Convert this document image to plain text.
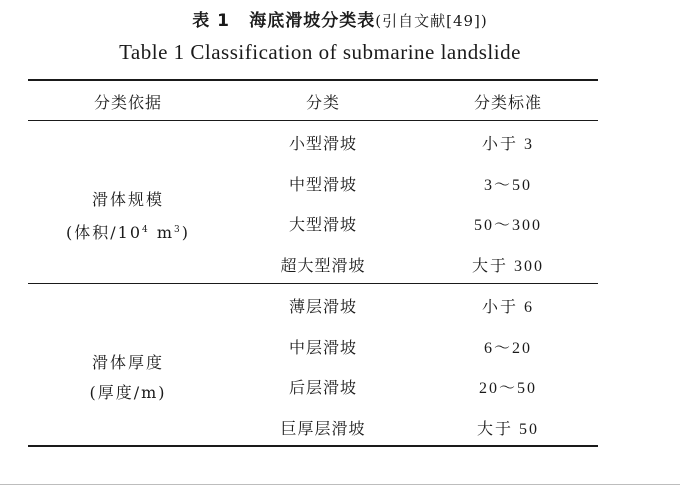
表 1 海底滑坡分类表(引自文献[49])
Table 1 Classification of submarine landslide
分类依据	分类	分类标准
滑体规模
(体积$/10^4$ $m^3$)
小型滑坡	小于 3
中型滑坡	3～50
大型滑坡	50～300
超大型滑坡	大于 300
滑体厚度
(厚度/m)
薄层滑坡	小于 6
中层滑坡	6～20
后层滑坡	20～50
巨厚层滑坡	大于 50
